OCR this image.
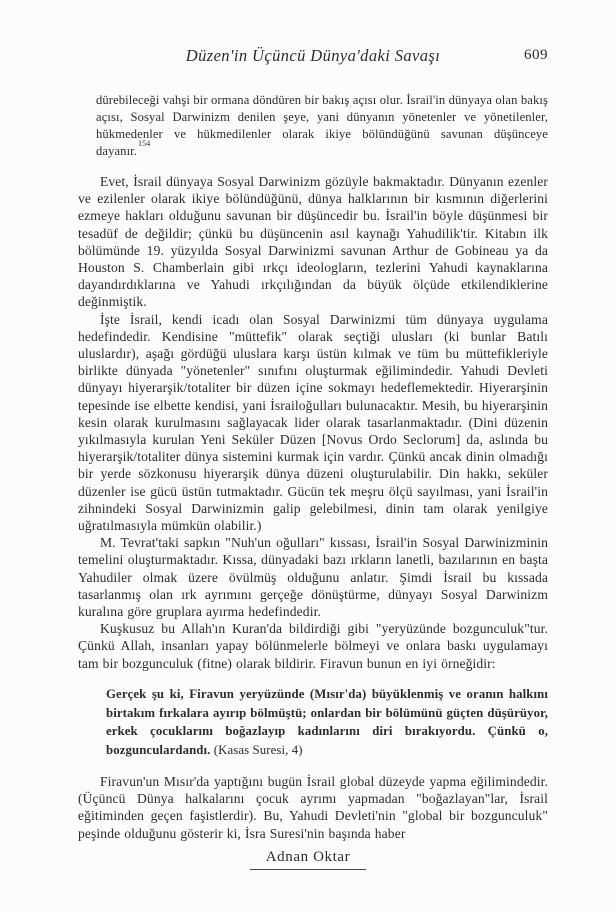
Düzen'in Üçüncü Dünya'daki Savaşı	609

dürebileceği vahşi bir ormana döndüren bir bakış açısı olur. İsrail'in dünyaya olan bakış açısı, Sosyal Darwinizm denilen şeye, yani dünyanın yönetenler ve yönetilenler, hükmedenler ve hükmedilenler olarak ikiye bölündüğünü savunan düşünceye dayanır.$^{154}$

Evet, İsrail dünyaya Sosyal Darwinizm gözüyle bakmaktadır. Dünyanın ezenler ve ezilenler olarak ikiye bölündüğünü, dünya halklarının bir kısmının diğerlerini ezmeye hakları olduğunu savunan bir düşüncedir bu. İsrail'in böyle düşünmesi bir tesadüf de değildir; çünkü bu düşüncenin asıl kaynağı Yahudilik'tir. Kitabın ilk bölümünde 19. yüzyılda Sosyal Darwinizmi savunan Arthur de Gobineau ya da Houston S. Chamberlain gibi ırkçı ideologların, tezlerini Yahudi kaynaklarına dayandırdıklarına ve Yahudi ırkçılığından da büyük ölçüde etkilendiklerine değinmiştik.

İşte İsrail, kendi icadı olan Sosyal Darwinizmi tüm dünyaya uygulama hedefindedir. Kendisine "müttefik" olarak seçtiği ulusları (ki bunlar Batılı uluslardır), aşağı gördüğü uluslara karşı üstün kılmak ve tüm bu müttefikleriyle birlikte dünyada "yönetenler" sınıfını oluşturmak eğilimindedir. Yahudi Devleti dünyayı hiyerarşik/totaliter bir düzen içine sokmayı hedeflemektedir. Hiyerarşinin tepesinde ise elbette kendisi, yani İsrailoğulları bulunacaktır. Mesih, bu hiyerarşinin kesin olarak kurulmasını sağlayacak lider olarak tasarlanmaktadır. (Dini düzenin yıkılmasıyla kurulan Yeni Seküler Düzen [Novus Ordo Seclorum] da, aslında bu hiyerarşik/totaliter dünya sistemini kurmak için vardır. Çünkü ancak dinin olmadığı bir yerde sözkonusu hiyerarşik dünya düzeni oluşturulabilir. Din hakkı, seküler düzenler ise gücü üstün tutmaktadır. Gücün tek meşru ölçü sayılması, yani İsrail'in zihnindeki Sosyal Darwinizmin galip gelebilmesi, dinin tam olarak yenilgiye uğratılmasıyla mümkün olabilir.)

M. Tevrat'taki sapkın "Nuh'un oğulları" kıssası, İsrail'in Sosyal Darwinizminin temelini oluşturmaktadır. Kıssa, dünyadaki bazı ırkların lanetli, bazılarının en başta Yahudiler olmak üzere övülmüş olduğunu anlatır. Şimdi İsrail bu kıssada tasarlanmış olan ırk ayrımını gerçeğe dönüştürme, dünyayı Sosyal Darwinizm kuralına göre gruplara ayırma hedefindedir.

Kuşkusuz bu Allah'ın Kuran'da bildirdiği gibi "yeryüzünde bozgunculuk"tur. Çünkü Allah, insanları yapay bölünmelerle bölmeyi ve onlara baskı uygulamayı tam bir bozgunculuk (fitne) olarak bildirir. Firavun bunun en iyi örneğidir:

Gerçek şu ki, Firavun yeryüzünde (Mısır'da) büyüklenmiş ve oranın halkını birtakım fırkalara ayırıp bölmüştü; onlardan bir bölümünü güçten düşürüyor, erkek çocuklarını boğazlayıp kadınlarını diri bırakıyordu. Çünkü o, bozgunculardandı. (Kasas Suresi, 4)

Firavun'un Mısır'da yaptığını bugün İsrail global düzeyde yapma eğilimindedir. (Üçüncü Dünya halkalarını çocuk ayrımı yapmadan "boğazlayan"lar, İsrail eğitiminden geçen faşistlerdir). Bu, Yahudi Devleti'nin "global bir bozgunculuk" peşinde olduğunu gösterir ki, İsra Suresi'nin başında haber

Adnan Oktar
